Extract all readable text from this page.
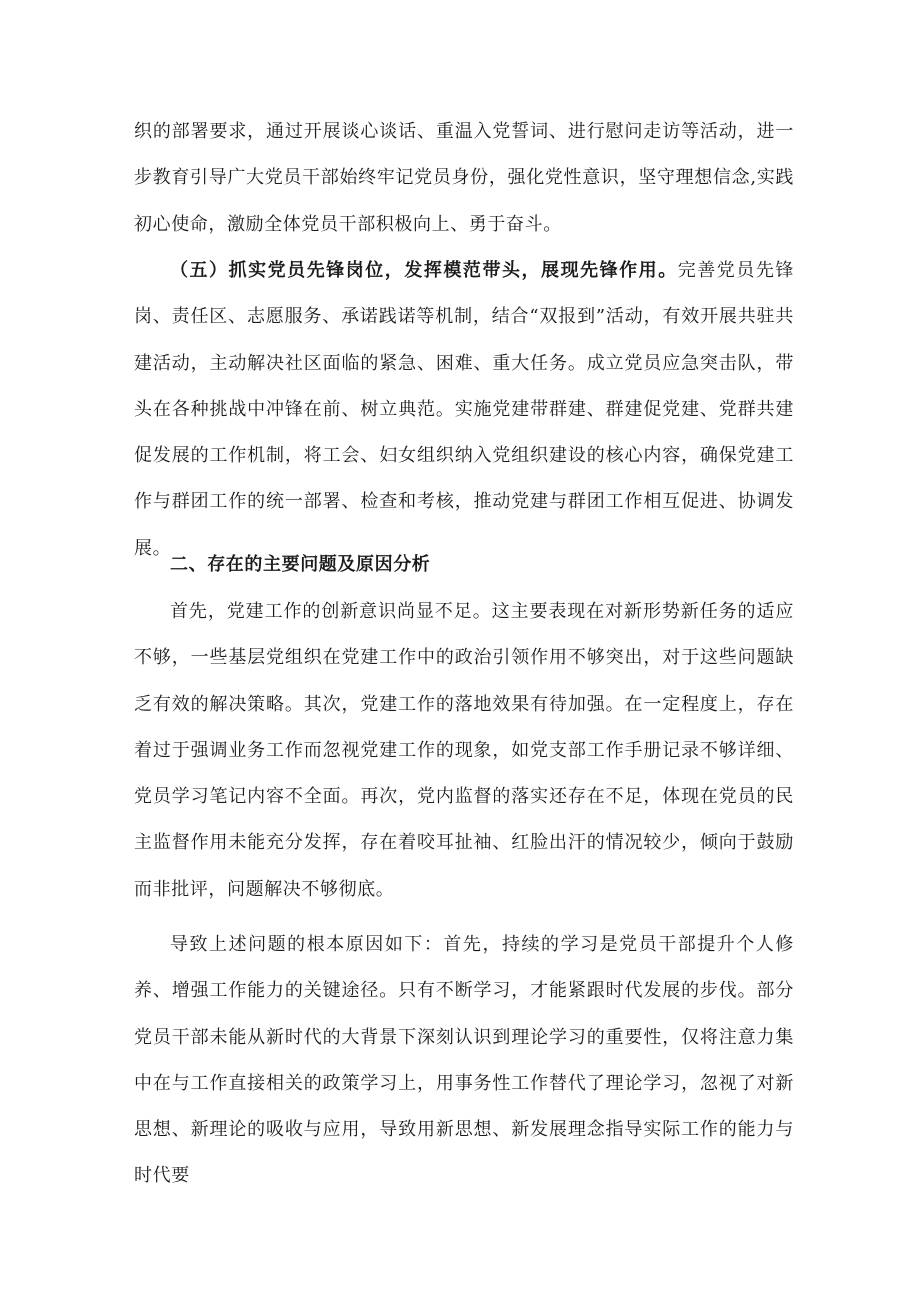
织的部署要求，通过开展谈心谈话、重温入党誓词、进行慰问走访等活动，进一步教育引导广大党员干部始终牢记党员身份，强化党性意识，坚守理想信念,实践初心使命，激励全体党员干部积极向上、勇于奋斗。

（五）抓实党员先锋岗位，发挥模范带头，展现先锋作用。完善党员先锋岗、责任区、志愿服务、承诺践诺等机制，结合“双报到”活动，有效开展共驻共建活动，主动解决社区面临的紧急、困难、重大任务。成立党员应急突击队，带头在各种挑战中冲锋在前、树立典范。实施党建带群建、群建促党建、党群共建促发展的工作机制，将工会、妇女组织纳入党组织建设的核心内容，确保党建工作与群团工作的统一部署、检查和考核，推动党建与群团工作相互促进、协调发展。

二、存在的主要问题及原因分析

首先，党建工作的创新意识尚显不足。这主要表现在对新形势新任务的适应不够，一些基层党组织在党建工作中的政治引领作用不够突出，对于这些问题缺乏有效的解决策略。其次，党建工作的落地效果有待加强。在一定程度上，存在着过于强调业务工作而忽视党建工作的现象，如党支部工作手册记录不够详细、党员学习笔记内容不全面。再次，党内监督的落实还存在不足，体现在党员的民主监督作用未能充分发挥，存在着咬耳扯袖、红脸出汗的情况较少，倾向于鼓励而非批评，问题解决不够彻底。

导致上述问题的根本原因如下：首先，持续的学习是党员干部提升个人修养、增强工作能力的关键途径。只有不断学习，才能紧跟时代发展的步伐。部分党员干部未能从新时代的大背景下深刻认识到理论学习的重要性，仅将注意力集中在与工作直接相关的政策学习上，用事务性工作替代了理论学习，忽视了对新思想、新理论的吸收与应用，导致用新思想、新发展理念指导实际工作的能力与时代要
